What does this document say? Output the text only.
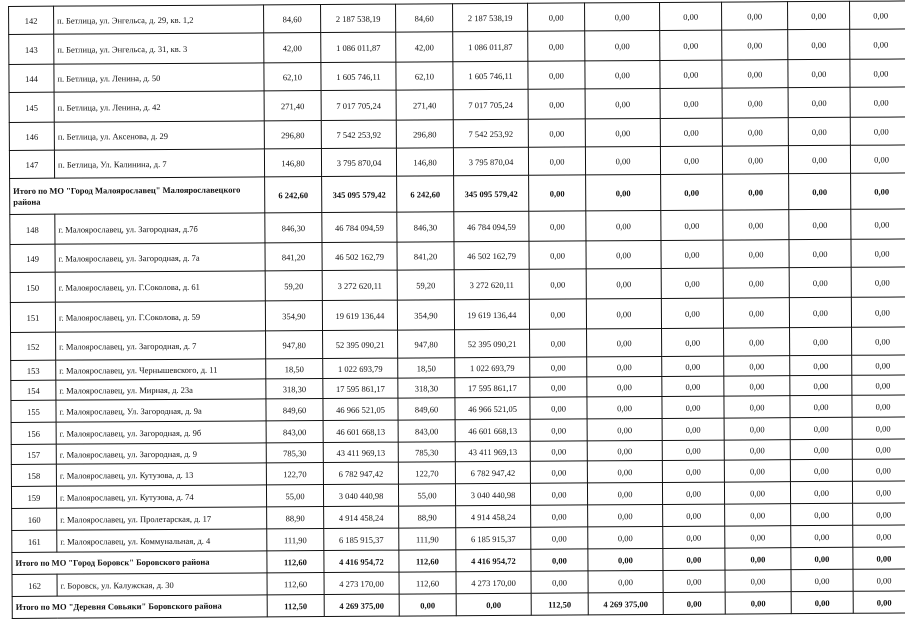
142	п. Бетлица, ул. Энгельса, д. 29, кв. 1,2	84,60	2 187 538,19	84,60	2 187 538,19	0,00	0,00	0,00	0,00	0,00	0,00
143	п. Бетлица, ул. Энгельса, д. 31, кв. 3	42,00	1 086 011,87	42,00	1 086 011,87	0,00	0,00	0,00	0,00	0,00	0,00
144	п. Бетлица, ул. Ленина, д. 50	62,10	1 605 746,11	62,10	1 605 746,11	0,00	0,00	0,00	0,00	0,00	0,00
145	п. Бетлица, ул. Ленина, д. 42	271,40	7 017 705,24	271,40	7 017 705,24	0,00	0,00	0,00	0,00	0,00	0,00
146	п. Бетлица, ул. Аксенова, д. 29	296,80	7 542 253,92	296,80	7 542 253,92	0,00	0,00	0,00	0,00	0,00	0,00
147	п. Бетлица, Ул. Калинина, д. 7	146,80	3 795 870,04	146,80	3 795 870,04	0,00	0,00	0,00	0,00	0,00	0,00
Итого по МО "Город Малоярославец" Малоярославецкого района		6 242,60	345 095 579,42	6 242,60	345 095 579,42	0,00	0,00	0,00	0,00	0,00	0,00
148	г. Малоярославец, ул. Загородная, д.7б	846,30	46 784 094,59	846,30	46 784 094,59	0,00	0,00	0,00	0,00	0,00	0,00
149	г. Малоярославец, ул. Загородная, д. 7а	841,20	46 502 162,79	841,20	46 502 162,79	0,00	0,00	0,00	0,00	0,00	0,00
150	г. Малоярославец, ул. Г.Соколова, д. 61	59,20	3 272 620,11	59,20	3 272 620,11	0,00	0,00	0,00	0,00	0,00	0,00
151	г. Малоярославец, ул. Г.Соколова, д. 59	354,90	19 619 136,44	354,90	19 619 136,44	0,00	0,00	0,00	0,00	0,00	0,00
152	г. Малоярославец, ул. Загородная, д. 7	947,80	52 395 090,21	947,80	52 395 090,21	0,00	0,00	0,00	0,00	0,00	0,00
153	г. Малоярославец, ул. Чернышевского, д. 11	18,50	1 022 693,79	18,50	1 022 693,79	0,00	0,00	0,00	0,00	0,00	0,00
154	г. Малоярославец, ул. Мирная, д. 23а	318,30	17 595 861,17	318,30	17 595 861,17	0,00	0,00	0,00	0,00	0,00	0,00
155	г. Малоярославец, Ул. Загородная, д. 9а	849,60	46 966 521,05	849,60	46 966 521,05	0,00	0,00	0,00	0,00	0,00	0,00
156	г. Малоярославец, ул. Загородная, д. 9б	843,00	46 601 668,13	843,00	46 601 668,13	0,00	0,00	0,00	0,00	0,00	0,00
157	г. Малоярославец, ул. Загородная, д. 9	785,30	43 411 969,13	785,30	43 411 969,13	0,00	0,00	0,00	0,00	0,00	0,00
158	г. Малоярославец, ул. Кутузова, д. 13	122,70	6 782 947,42	122,70	6 782 947,42	0,00	0,00	0,00	0,00	0,00	0,00
159	г. Малоярославец, ул. Кутузова, д. 74	55,00	3 040 440,98	55,00	3 040 440,98	0,00	0,00	0,00	0,00	0,00	0,00
160	г. Малоярославец, ул. Пролетарская, д. 17	88,90	4 914 458,24	88,90	4 914 458,24	0,00	0,00	0,00	0,00	0,00	0,00
161	г. Малоярославец, ул. Коммунальная, д. 4	111,90	6 185 915,37	111,90	6 185 915,37	0,00	0,00	0,00	0,00	0,00	0,00
Итого по МО "Город Боровск" Боровского района		112,60	4 416 954,72	112,60	4 416 954,72	0,00	0,00	0,00	0,00	0,00	0,00
162	г. Боровск, ул. Калужская, д. 30	112,60	4 273 170,00	112,60	4 273 170,00	0,00	0,00	0,00	0,00	0,00	0,00
Итого по МО "Деревня Совьяки" Боровского района		112,50	4 269 375,00	0,00	0,00	112,50	4 269 375,00	0,00	0,00	0,00	0,00
